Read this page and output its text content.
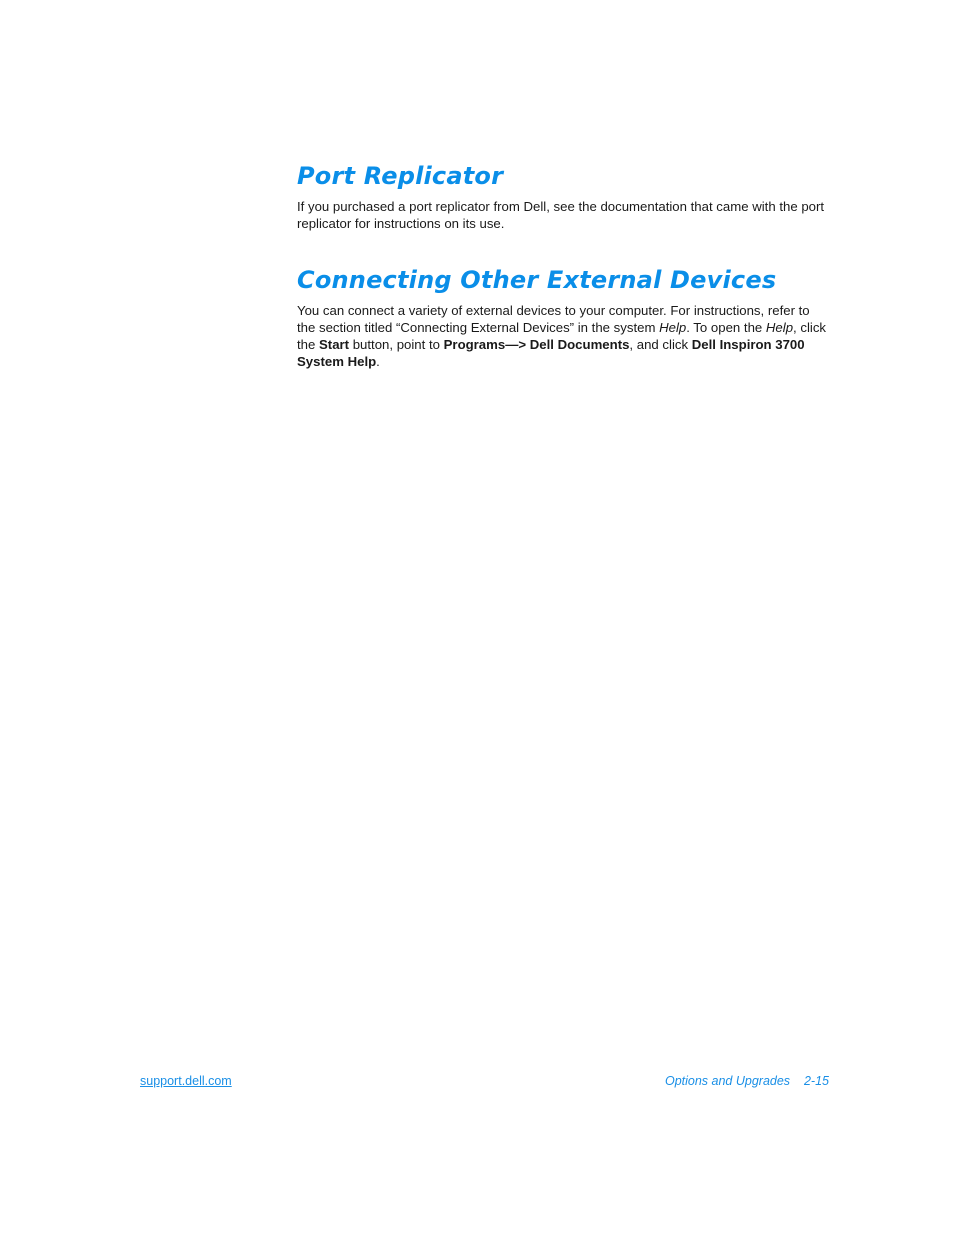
Port Replicator

If you purchased a port replicator from Dell, see the documentation that came with the port replicator for instructions on its use.

Connecting Other External Devices

You can connect a variety of external devices to your computer. For instructions, refer to the section titled “Connecting External Devices” in the system Help. To open the Help, click the Start button, point to Programs—> Dell Documents, and click Dell Inspiron 3700 System Help.

support.dell.com	Options and Upgrades 2-15
